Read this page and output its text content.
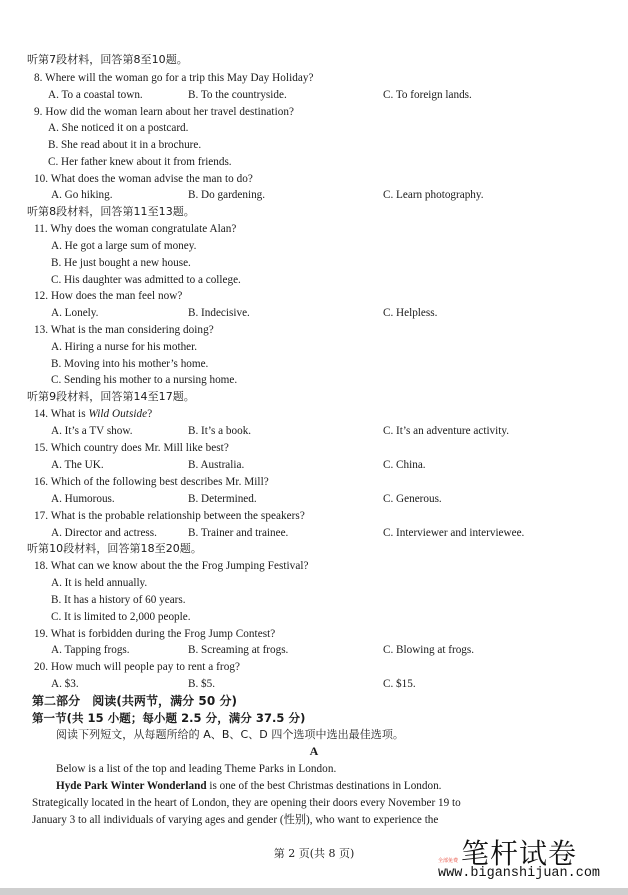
听第7段材料，回答第8至10题。
8. Where will the woman go for a trip this May Day Holiday?
A. To a coastal town.	B. To the countryside.	C. To foreign lands.
9. How did the woman learn about her travel destination?
A. She noticed it on a postcard.
B. She read about it in a brochure.
C. Her father knew about it from friends.
10. What does the woman advise the man to do?
A. Go hiking.	B. Do gardening.	C. Learn photography.
听第8段材料，回答第11至13题。
11. Why does the woman congratulate Alan?
A. He got a large sum of money.
B. He just bought a new house.
C. His daughter was admitted to a college.
12. How does the man feel now?
A. Lonely.	B. Indecisive.	C. Helpless.
13. What is the man considering doing?
A. Hiring a nurse for his mother.
B. Moving into his mother’s home.
C. Sending his mother to a nursing home.
听第9段材料，回答第14至17题。
14. What is Wild Outside?
A. It’s a TV show.	B. It’s a book.	C. It’s an adventure activity.
15. Which country does Mr. Mill like best?
A. The UK.	B. Australia.	C. China.
16. Which of the following best describes Mr. Mill?
A. Humorous.	B. Determined.	C. Generous.
17. What is the probable relationship between the speakers?
A. Director and actress.	B. Trainer and trainee.	C. Interviewer and interviewee.
听第10段材料，回答第18至20题。
18. What can we know about the the Frog Jumping Festival?
A. It is held annually.
B. It has a history of 60 years.
C. It is limited to 2,000 people.
19. What is forbidden during the Frog Jump Contest?
A. Tapping frogs.	B. Screaming at frogs.	C. Blowing at frogs.
20. How much will people pay to rent a frog?
A. $3.	B. $5.	C. $15.
第二部分　阅读(共两节，满分 50 分)
第一节(共 15 小题；每小题 2.5 分，满分 37.5 分)
阅读下列短文，从每题所给的 A、B、C、D 四个选项中选出最佳选项。
A
Below is a list of the top and leading Theme Parks in London.
Hyde Park Winter Wonderland is one of the best Christmas destinations in London.
Strategically located in the heart of London, they are opening their doors every November 19 to
January 3 to all individuals of varying ages and gender (性别), who want to experience the
第 2 页(共 8 页)	笔杆试卷
全部免费
www.biganshijuan.com
